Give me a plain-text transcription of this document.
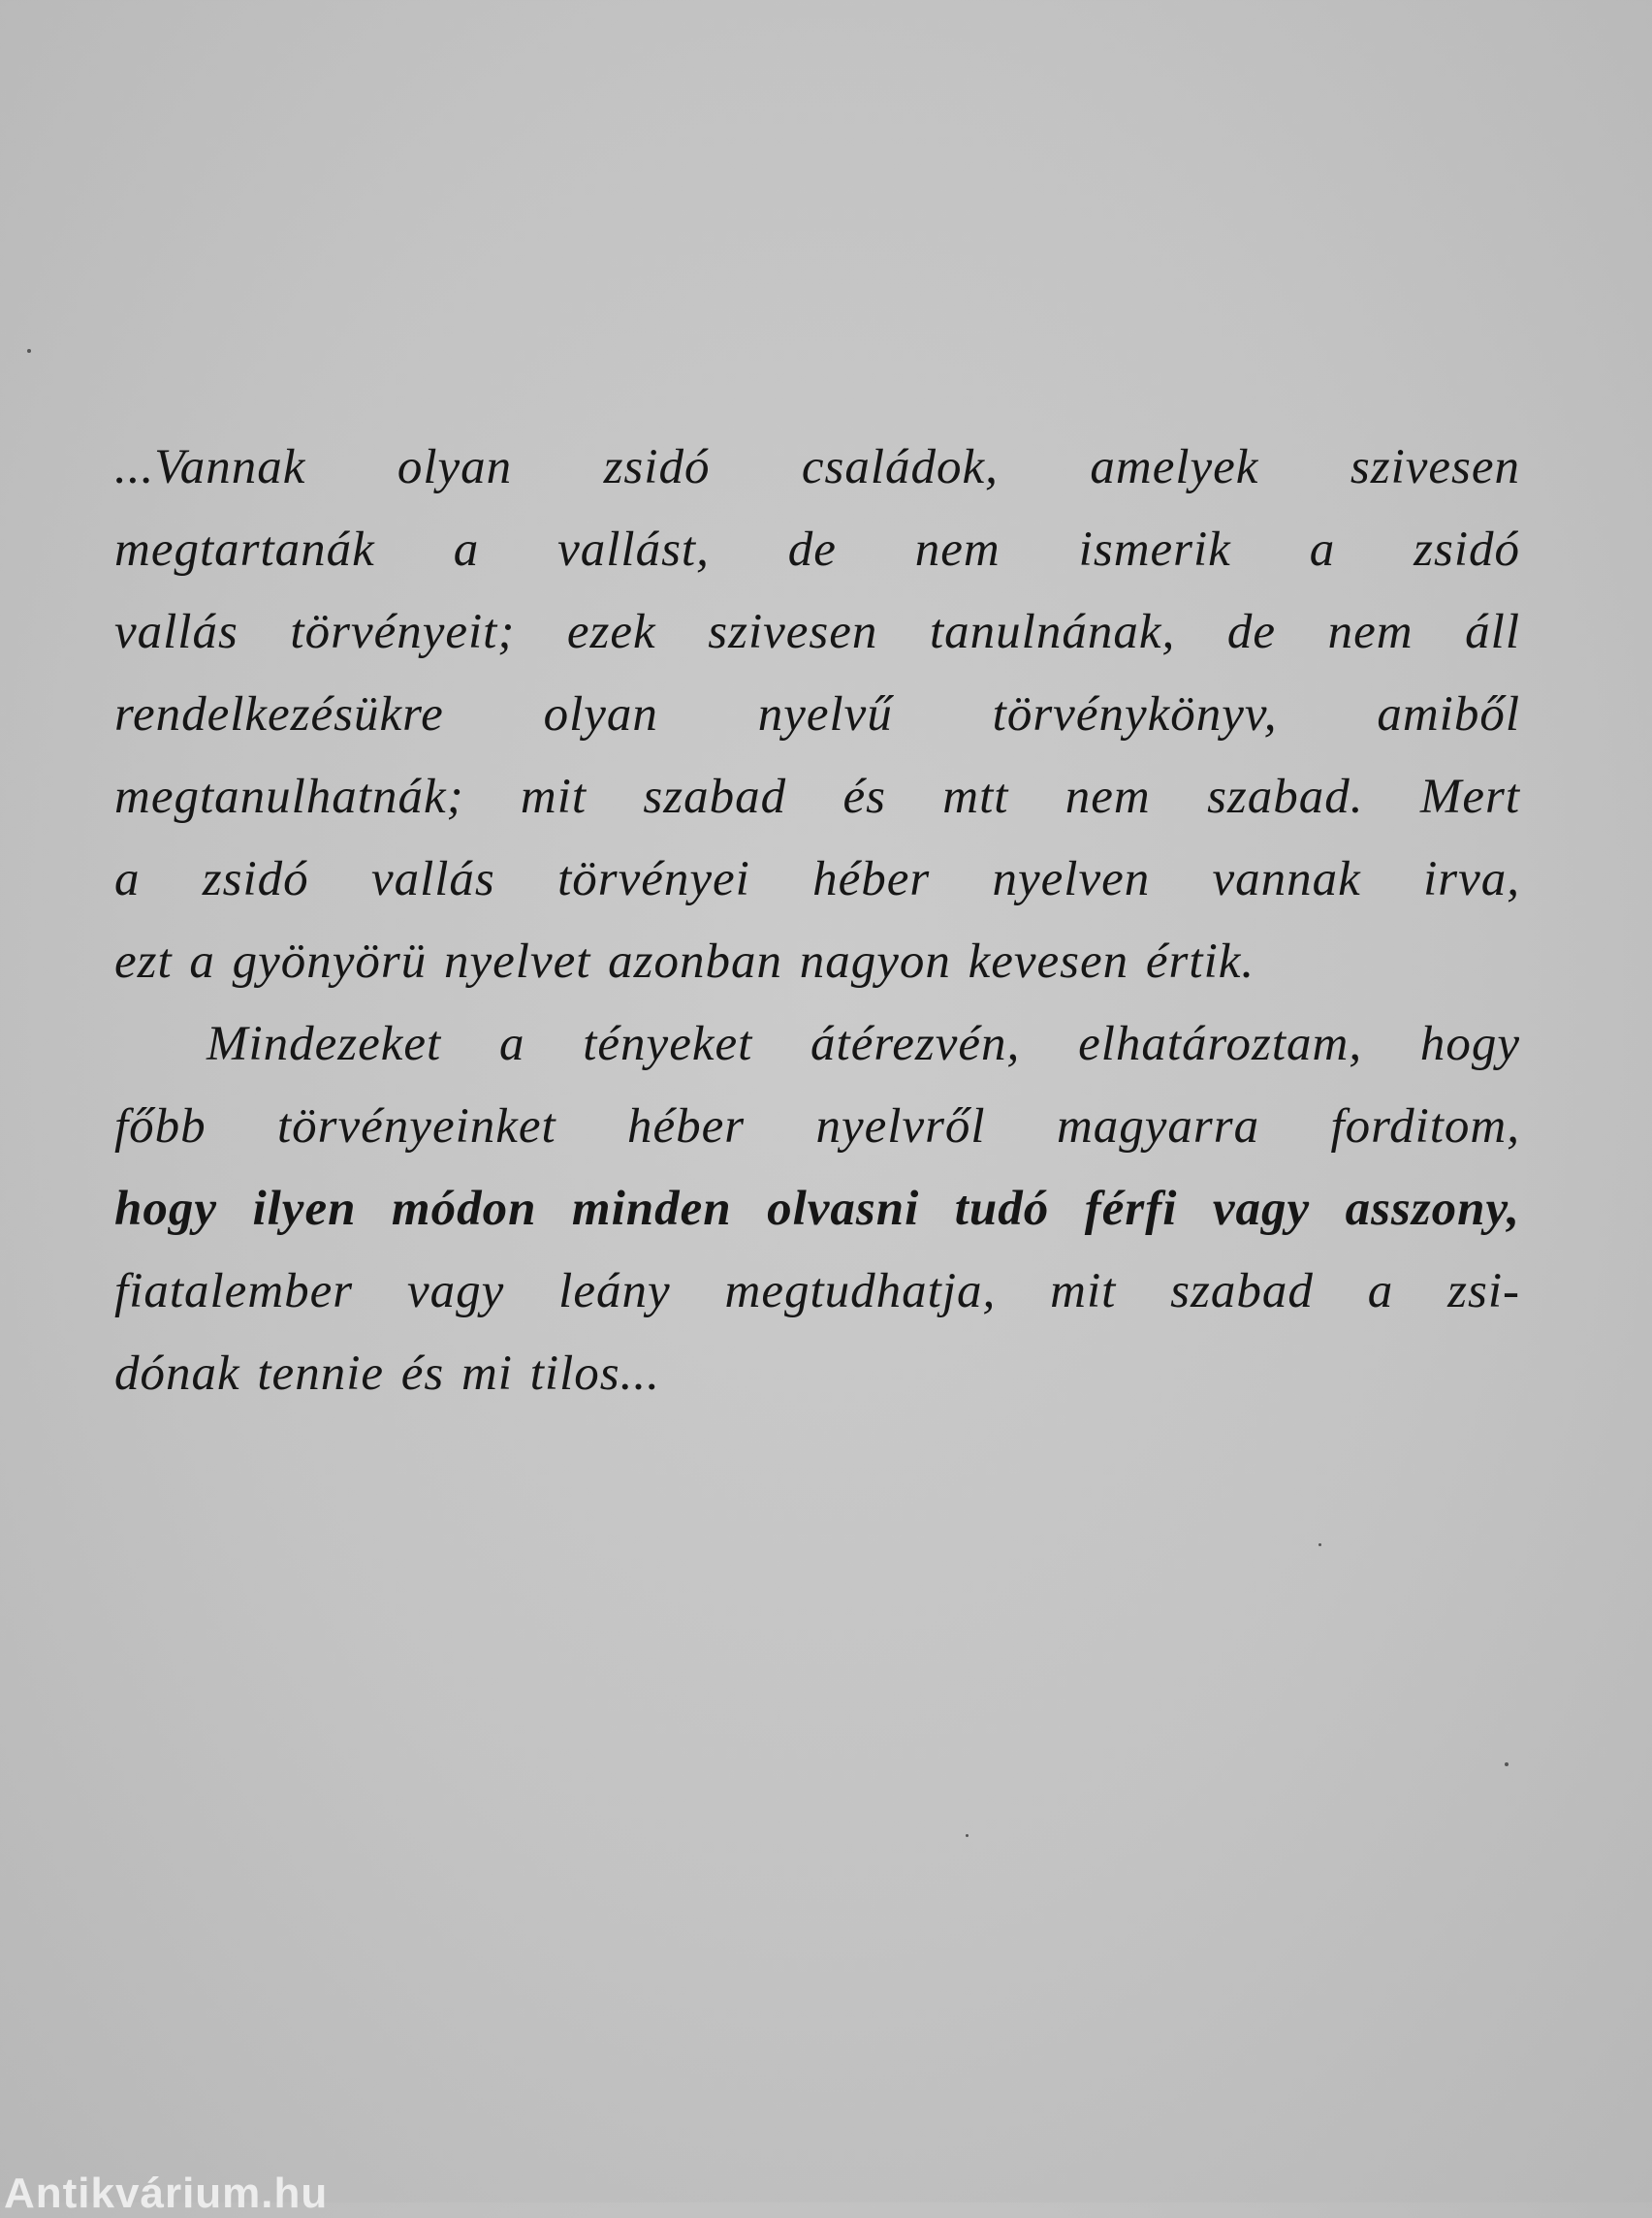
...Vannak olyan zsidó családok, amelyek szivesen
megtartanák a vallást, de nem ismerik a zsidó
vallás törvényeit; ezek szivesen tanulnának, de nem áll
rendelkezésükre olyan nyelvű törvénykönyv, amiből
megtanulhatnák; mit szabad és mtt nem szabad. Mert
a zsidó vallás törvényei héber nyelven vannak irva,
ezt a gyönyörü nyelvet azonban nagyon kevesen értik.
Mindezeket a tényeket átérezvén, elhatároztam, hogy
főbb törvényeinket héber nyelvről magyarra forditom,
hogy ilyen módon minden olvasni tudó férfi vagy asszony,
fiatalember vagy leány megtudhatja, mit szabad a zsi-
dónak tennie és mi tilos...
Antikvárium.hu
